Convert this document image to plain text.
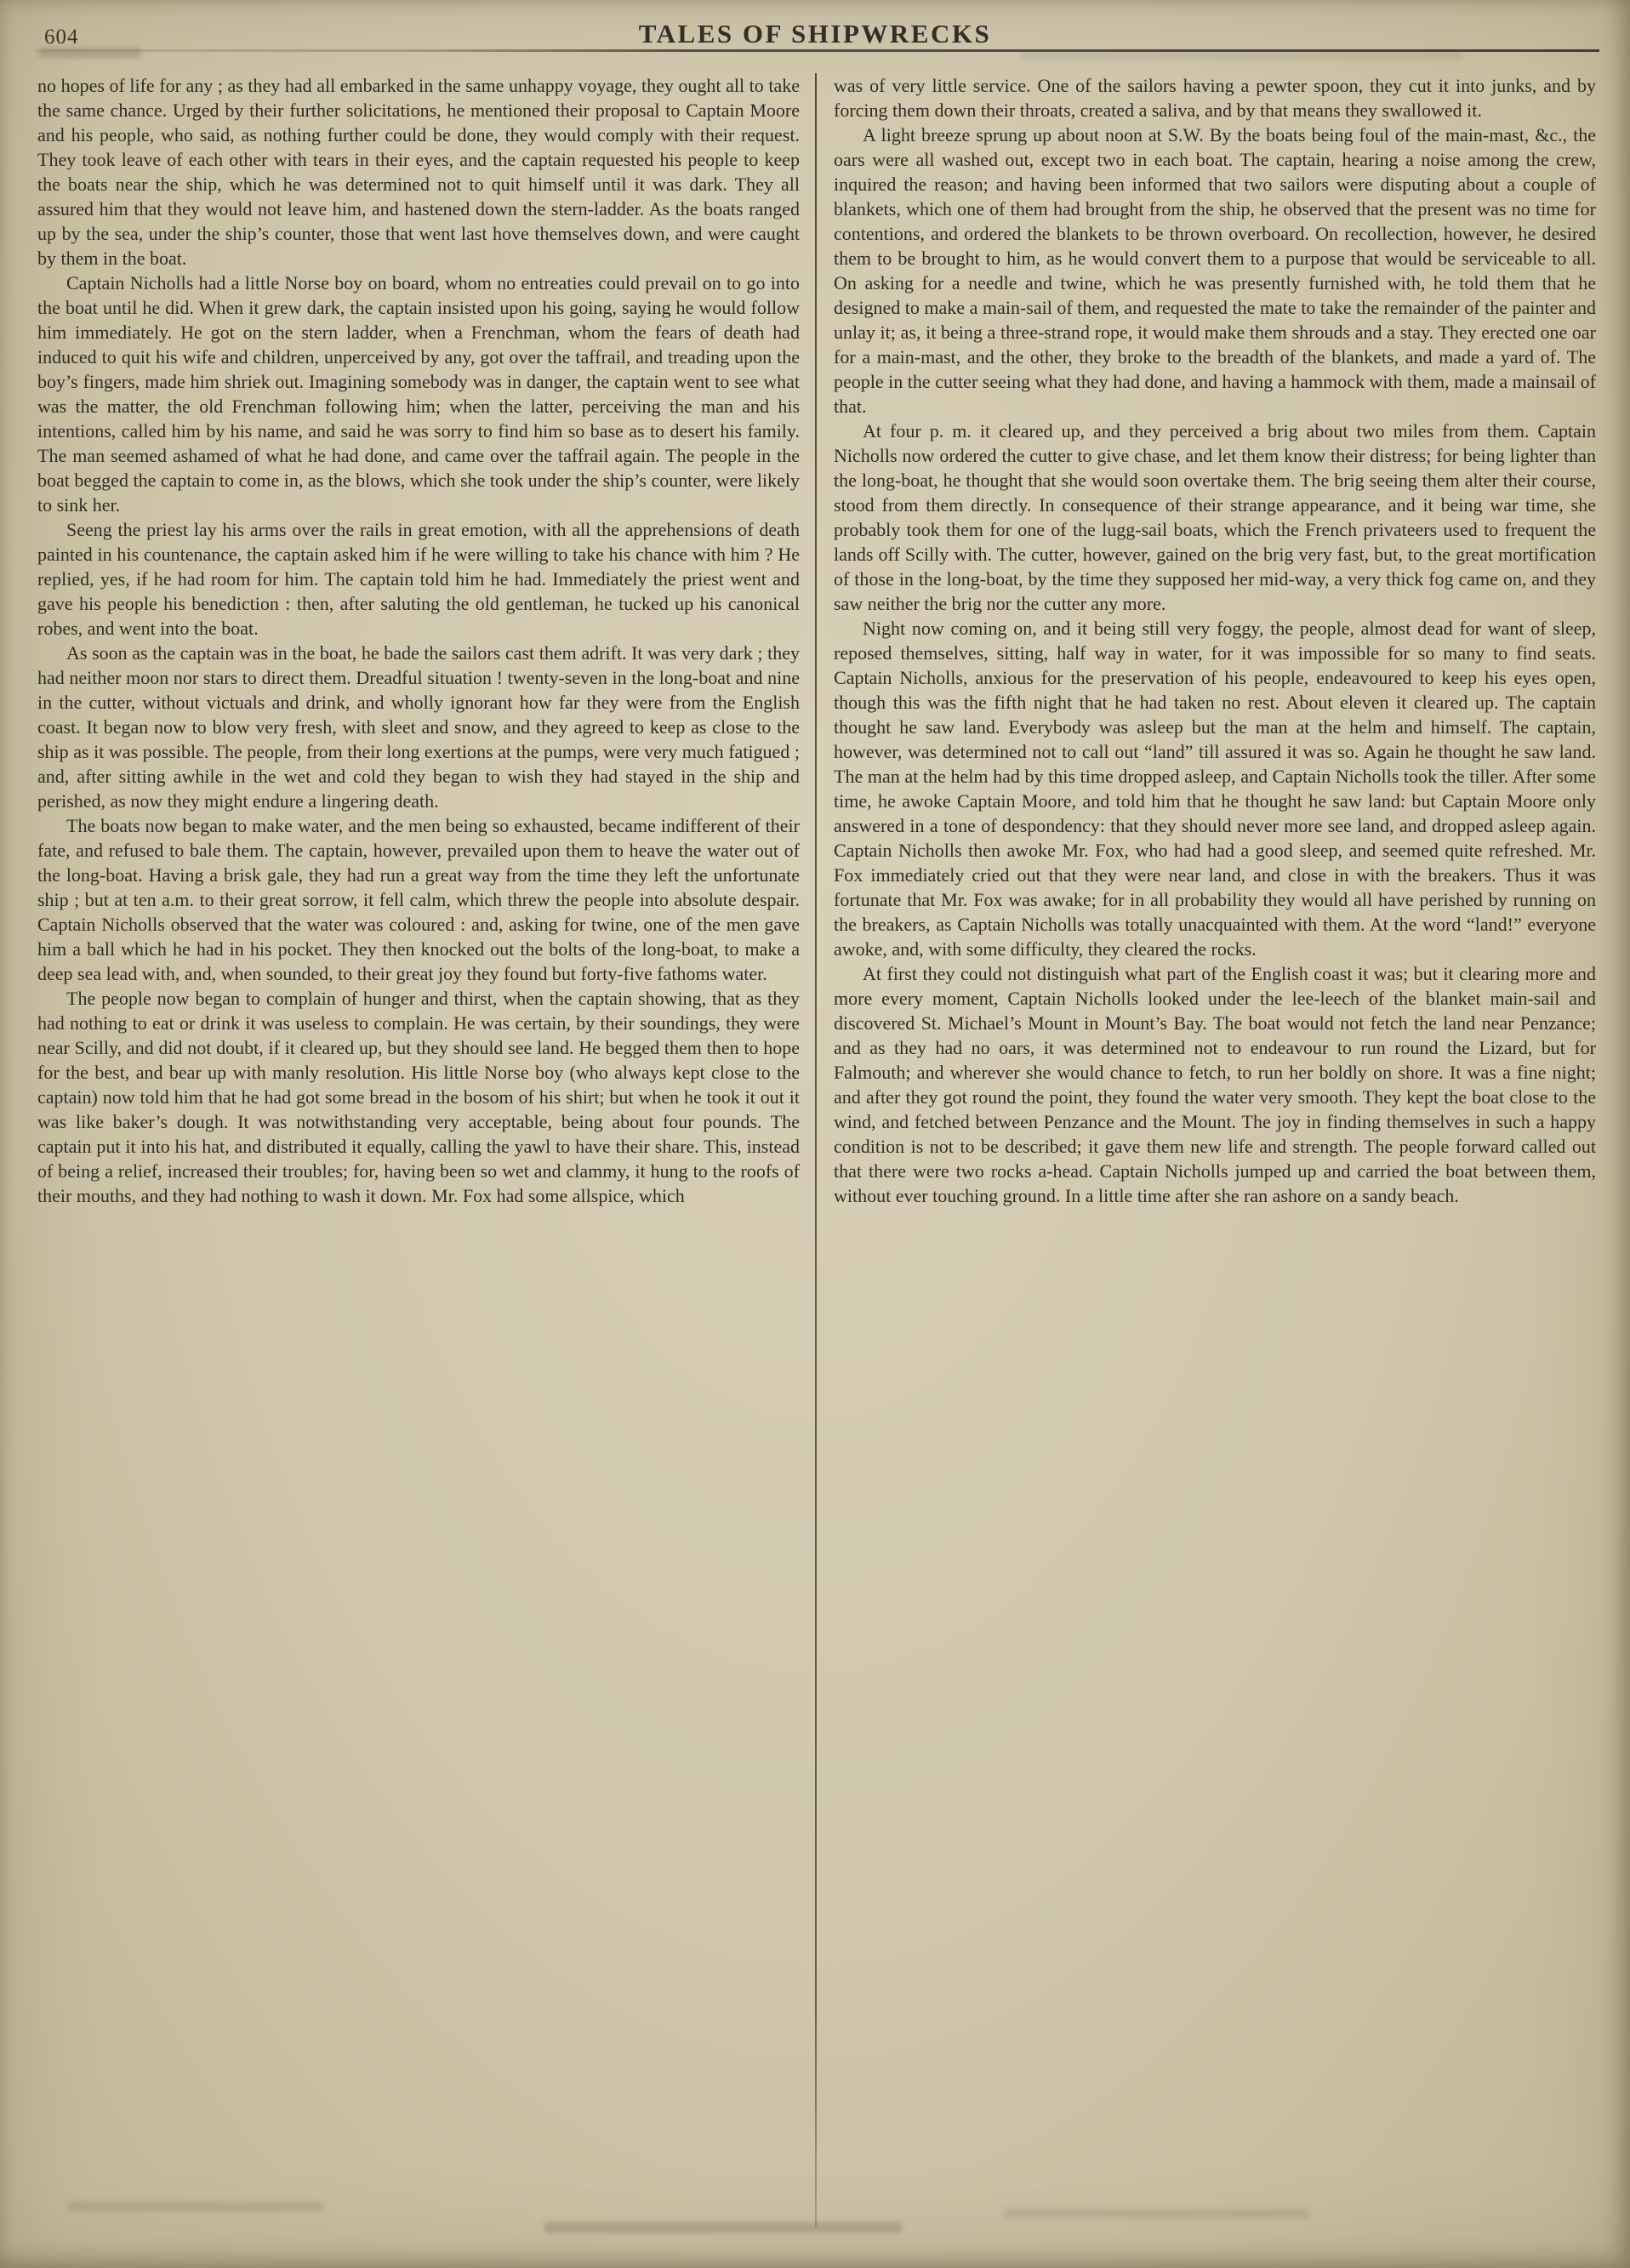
604	TALES OF SHIPWRECKS

no hopes of life for any ; as they had all embarked in the same unhappy voyage, they ought all to take the same chance. Urged by their further solicitations, he mentioned their proposal to Captain Moore and his people, who said, as nothing further could be done, they would comply with their request. They took leave of each other with tears in their eyes, and the captain requested his people to keep the boats near the ship, which he was determined not to quit himself until it was dark. They all assured him that they would not leave him, and hastened down the stern-ladder. As the boats ranged up by the sea, under the ship’s counter, those that went last hove themselves down, and were caught by them in the boat.

Captain Nicholls had a little Norse boy on board, whom no entreaties could prevail on to go into the boat until he did. When it grew dark, the captain insisted upon his going, saying he would follow him immediately. He got on the stern ladder, when a Frenchman, whom the fears of death had induced to quit his wife and children, unperceived by any, got over the taffrail, and treading upon the boy’s fingers, made him shriek out. Imagining somebody was in danger, the captain went to see what was the matter, the old Frenchman following him; when the latter, perceiving the man and his intentions, called him by his name, and said he was sorry to find him so base as to desert his family. The man seemed ashamed of what he had done, and came over the taffrail again. The people in the boat begged the captain to come in, as the blows, which she took under the ship’s counter, were likely to sink her.

Seeng the priest lay his arms over the rails in great emotion, with all the apprehensions of death painted in his countenance, the captain asked him if he were willing to take his chance with him ? He replied, yes, if he had room for him. The captain told him he had. Immediately the priest went and gave his people his benediction : then, after saluting the old gentleman, he tucked up his canonical robes, and went into the boat.

As soon as the captain was in the boat, he bade the sailors cast them adrift. It was very dark ; they had neither moon nor stars to direct them. Dreadful situation ! twenty-seven in the long-boat and nine in the cutter, without victuals and drink, and wholly ignorant how far they were from the English coast. It began now to blow very fresh, with sleet and snow, and they agreed to keep as close to the ship as it was possible. The people, from their long exertions at the pumps, were very much fatigued ; and, after sitting awhile in the wet and cold they began to wish they had stayed in the ship and perished, as now they might endure a lingering death.

The boats now began to make water, and the men being so exhausted, became indifferent of their fate, and refused to bale them. The captain, however, prevailed upon them to heave the water out of the long-boat. Having a brisk gale, they had run a great way from the time they left the unfortunate ship ; but at ten a.m. to their great sorrow, it fell calm, which threw the people into absolute despair. Captain Nicholls observed that the water was coloured : and, asking for twine, one of the men gave him a ball which he had in his pocket. They then knocked out the bolts of the long-boat, to make a deep sea lead with, and, when sounded, to their great joy they found but forty-five fathoms water.

The people now began to complain of hunger and thirst, when the captain showing, that as they had nothing to eat or drink it was useless to complain. He was certain, by their soundings, they were near Scilly, and did not doubt, if it cleared up, but they should see land. He begged them then to hope for the best, and bear up with manly resolution. His little Norse boy (who always kept close to the captain) now told him that he had got some bread in the bosom of his shirt; but when he took it out it was like baker’s dough. It was notwithstanding very acceptable, being about four pounds. The captain put it into his hat, and distributed it equally, calling the yawl to have their share. This, instead of being a relief, increased their troubles; for, having been so wet and clammy, it hung to the roofs of their mouths, and they had nothing to wash it down. Mr. Fox had some allspice, which

was of very little service. One of the sailors having a pewter spoon, they cut it into junks, and by forcing them down their throats, created a saliva, and by that means they swallowed it.

A light breeze sprung up about noon at S.W. By the boats being foul of the main-mast, &c., the oars were all washed out, except two in each boat. The captain, hearing a noise among the crew, inquired the reason; and having been informed that two sailors were disputing about a couple of blankets, which one of them had brought from the ship, he observed that the present was no time for contentions, and ordered the blankets to be thrown overboard. On recollection, however, he desired them to be brought to him, as he would convert them to a purpose that would be serviceable to all. On asking for a needle and twine, which he was presently furnished with, he told them that he designed to make a main-sail of them, and requested the mate to take the remainder of the painter and unlay it; as, it being a three-strand rope, it would make them shrouds and a stay. They erected one oar for a main-mast, and the other, they broke to the breadth of the blankets, and made a yard of. The people in the cutter seeing what they had done, and having a hammock with them, made a mainsail of that.

At four p. m. it cleared up, and they perceived a brig about two miles from them. Captain Nicholls now ordered the cutter to give chase, and let them know their distress; for being lighter than the long-boat, he thought that she would soon overtake them. The brig seeing them alter their course, stood from them directly. In consequence of their strange appearance, and it being war time, she probably took them for one of the lugg-sail boats, which the French privateers used to frequent the lands off Scilly with. The cutter, however, gained on the brig very fast, but, to the great mortification of those in the long-boat, by the time they supposed her mid-way, a very thick fog came on, and they saw neither the brig nor the cutter any more.

Night now coming on, and it being still very foggy, the people, almost dead for want of sleep, reposed themselves, sitting, half way in water, for it was impossible for so many to find seats. Captain Nicholls, anxious for the preservation of his people, endeavoured to keep his eyes open, though this was the fifth night that he had taken no rest. About eleven it cleared up. The captain thought he saw land. Everybody was asleep but the man at the helm and himself. The captain, however, was determined not to call out “land” till assured it was so. Again he thought he saw land. The man at the helm had by this time dropped asleep, and Captain Nicholls took the tiller. After some time, he awoke Captain Moore, and told him that he thought he saw land: but Captain Moore only answered in a tone of despondency: that they should never more see land, and dropped asleep again. Captain Nicholls then awoke Mr. Fox, who had had a good sleep, and seemed quite refreshed. Mr. Fox immediately cried out that they were near land, and close in with the breakers. Thus it was fortunate that Mr. Fox was awake; for in all probability they would all have perished by running on the breakers, as Captain Nicholls was totally unacquainted with them. At the word “land!” everyone awoke, and, with some difficulty, they cleared the rocks.

At first they could not distinguish what part of the English coast it was; but it clearing more and more every moment, Captain Nicholls looked under the lee-leech of the blanket main-sail and discovered St. Michael’s Mount in Mount’s Bay. The boat would not fetch the land near Penzance; and as they had no oars, it was determined not to endeavour to run round the Lizard, but for Falmouth; and wherever she would chance to fetch, to run her boldly on shore. It was a fine night; and after they got round the point, they found the water very smooth. They kept the boat close to the wind, and fetched between Penzance and the Mount. The joy in finding themselves in such a happy condition is not to be described; it gave them new life and strength. The people forward called out that there were two rocks a-head. Captain Nicholls jumped up and carried the boat between them, without ever touching ground. In a little time after she ran ashore on a sandy beach.
